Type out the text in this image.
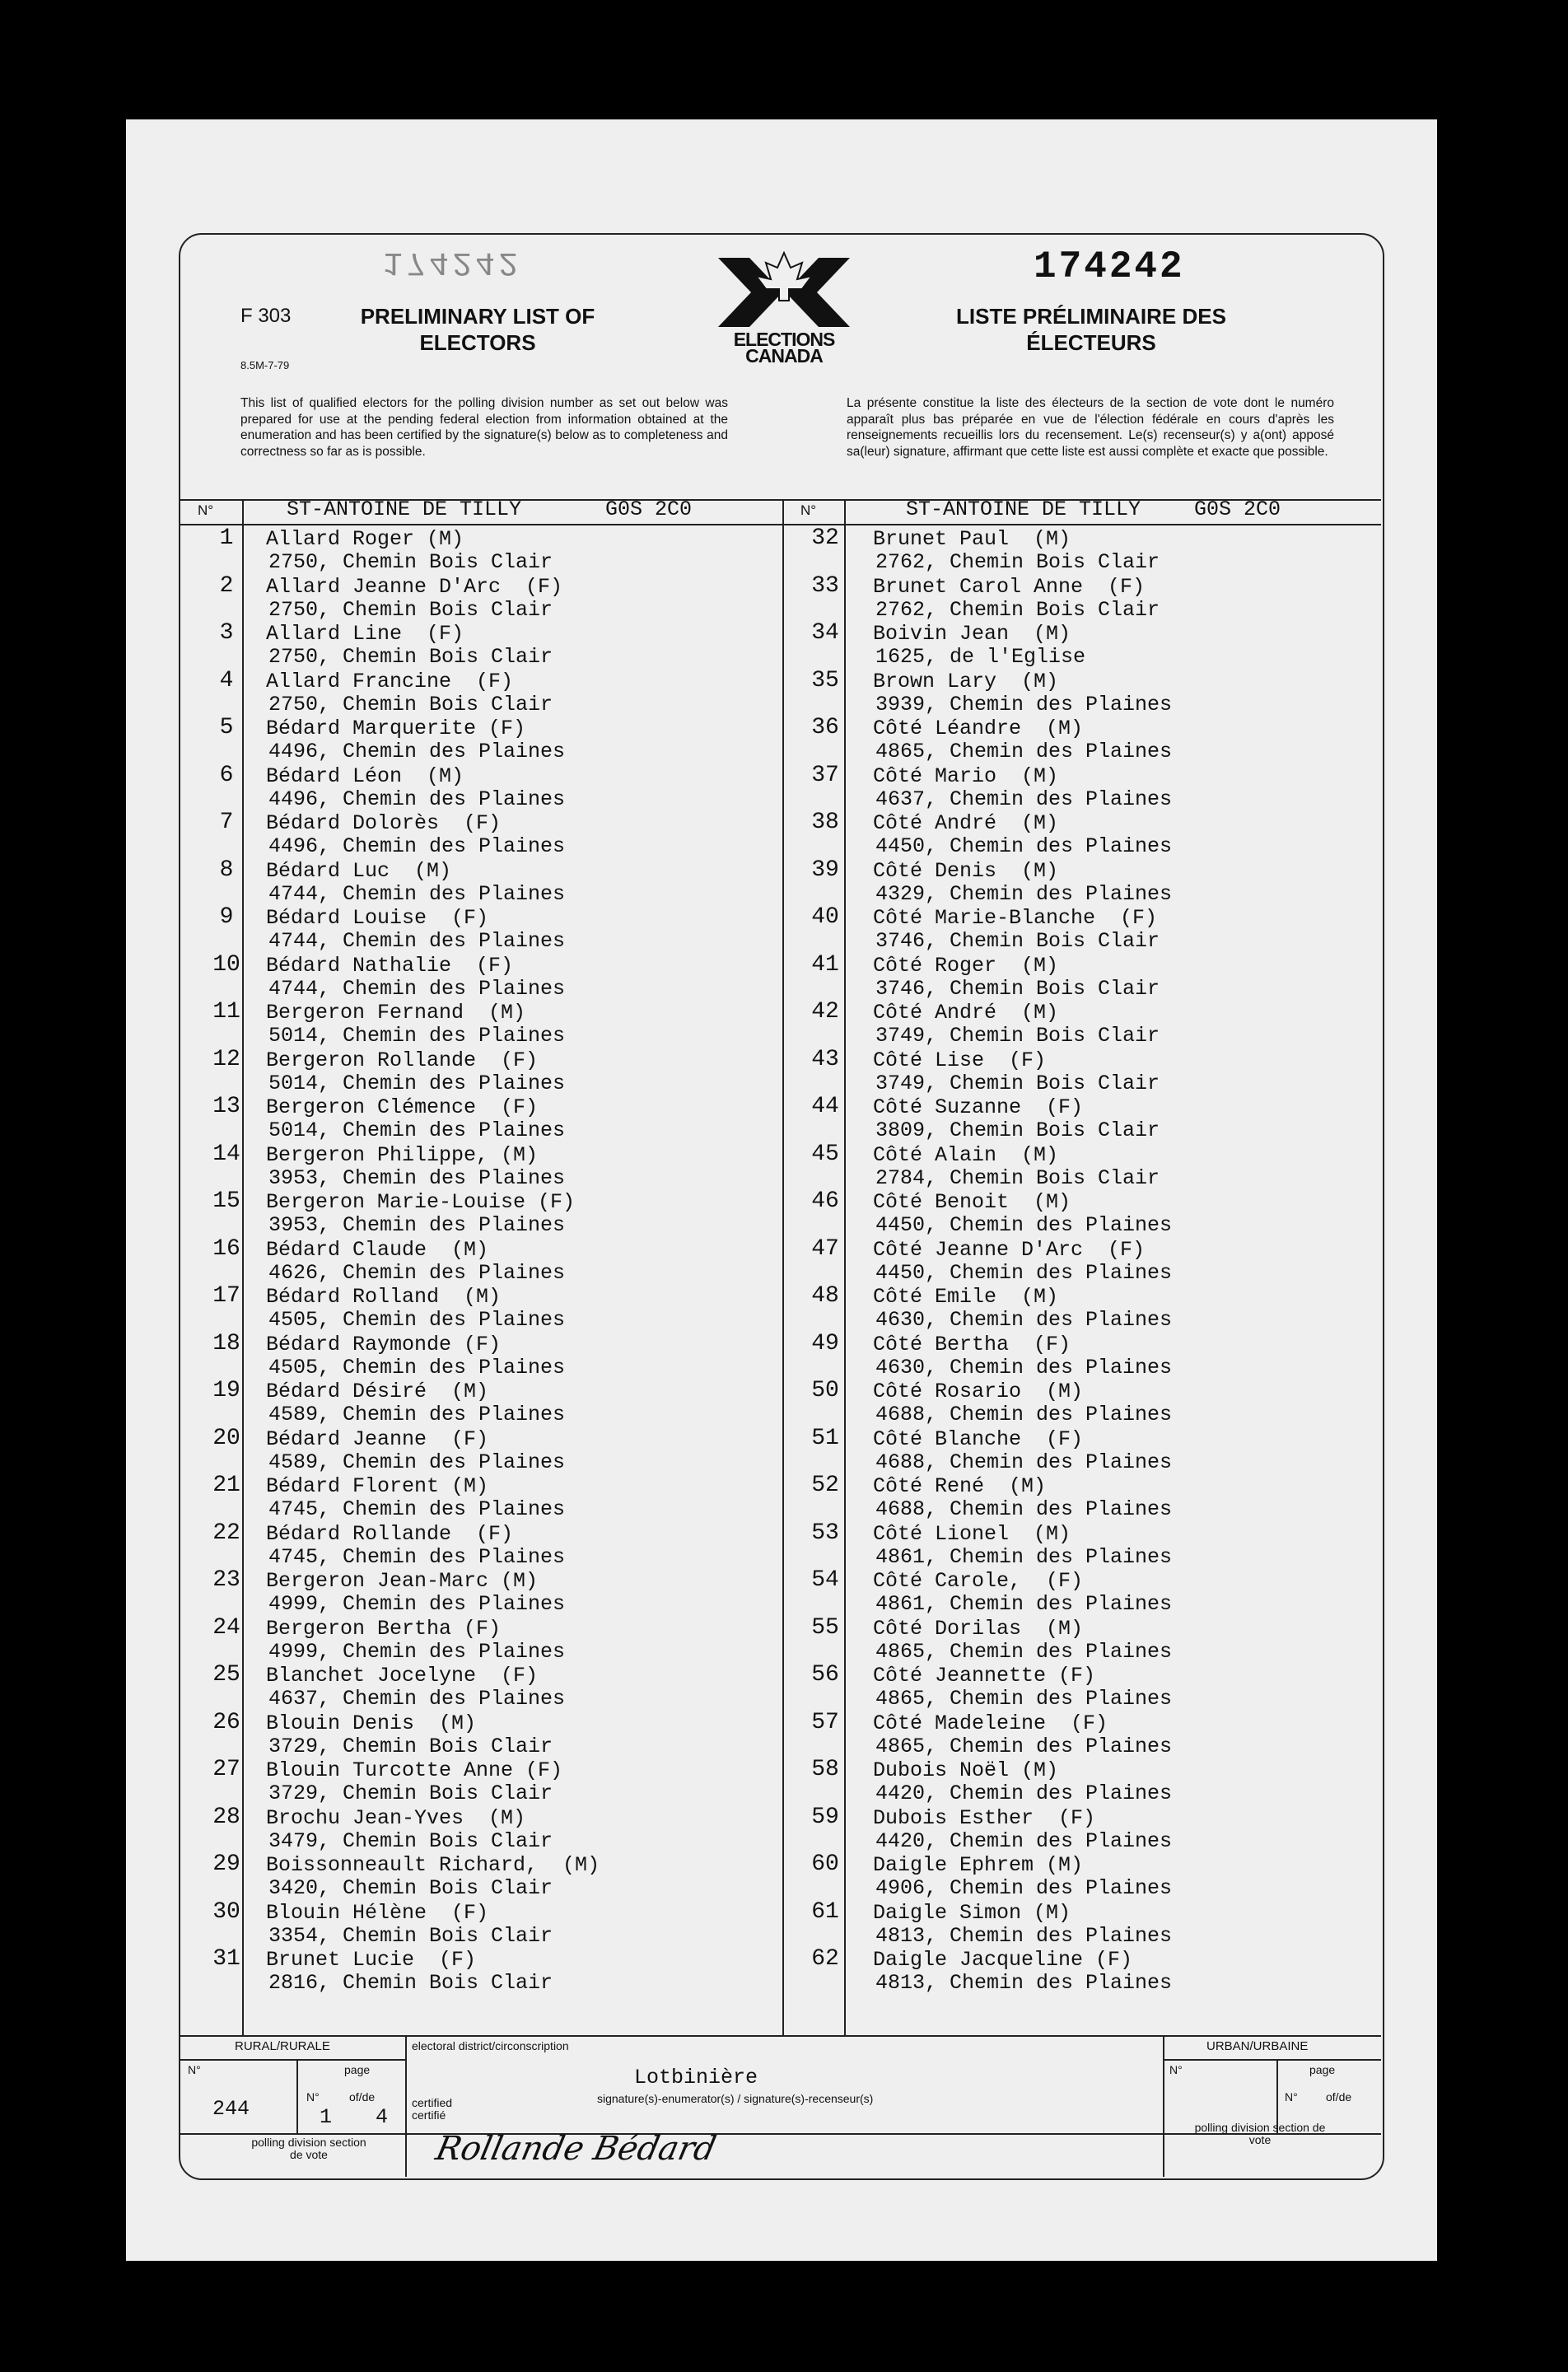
174242	174242
F 303
8.5M-7-79
PRELIMINARY LIST OF ELECTORS
LISTE PRÉLIMINAIRE DES ÉLECTEURS
ELECTIONS
CANADA
This list of qualified electors for the polling division number as set out below was prepared for use at the pending federal election from information obtained at the enumeration and has been certified by the signature(s) below as to completeness and correctness so far as is possible.
La présente constitue la liste des électeurs de la section de vote dont le numéro apparaît plus bas préparée en vue de l'élection fédérale en cours d'après les renseignements recueillis lors du recensement. Le(s) recenseur(s) y a(ont) apposé sa(leur) signature, affirmant que cette liste est aussi complète et exacte que possible.
N°	ST-ANTOINE DE TILLY	G0S 2C0	N°	ST-ANTOINE DE TILLY	G0S 2C0
1	Allard Roger (M)
2750, Chemin Bois Clair
2	Allard Jeanne D'Arc  (F)
2750, Chemin Bois Clair
3	Allard Line  (F)
2750, Chemin Bois Clair
4	Allard Francine  (F)
2750, Chemin Bois Clair
5	Bédard Marquerite (F)
4496, Chemin des Plaines
6	Bédard Léon  (M)
4496, Chemin des Plaines
7	Bédard Dolorès  (F)
4496, Chemin des Plaines
8	Bédard Luc  (M)
4744, Chemin des Plaines
9	Bédard Louise  (F)
4744, Chemin des Plaines
10	Bédard Nathalie  (F)
4744, Chemin des Plaines
11	Bergeron Fernand  (M)
5014, Chemin des Plaines
12	Bergeron Rollande  (F)
5014, Chemin des Plaines
13	Bergeron Clémence  (F)
5014, Chemin des Plaines
14	Bergeron Philippe, (M)
3953, Chemin des Plaines
15	Bergeron Marie-Louise (F)
3953, Chemin des Plaines
16	Bédard Claude  (M)
4626, Chemin des Plaines
17	Bédard Rolland  (M)
4505, Chemin des Plaines
18	Bédard Raymonde (F)
4505, Chemin des Plaines
19	Bédard Désiré  (M)
4589, Chemin des Plaines
20	Bédard Jeanne  (F)
4589, Chemin des Plaines
21	Bédard Florent (M)
4745, Chemin des Plaines
22	Bédard Rollande  (F)
4745, Chemin des Plaines
23	Bergeron Jean-Marc (M)
4999, Chemin des Plaines
24	Bergeron Bertha (F)
4999, Chemin des Plaines
25	Blanchet Jocelyne  (F)
4637, Chemin des Plaines
26	Blouin Denis  (M)
3729, Chemin Bois Clair
27	Blouin Turcotte Anne (F)
3729, Chemin Bois Clair
28	Brochu Jean-Yves  (M)
3479, Chemin Bois Clair
29	Boissonneault Richard,  (M)
3420, Chemin Bois Clair
30	Blouin Hélène  (F)
3354, Chemin Bois Clair
31	Brunet Lucie  (F)
2816, Chemin Bois Clair
32	Brunet Paul  (M)
2762, Chemin Bois Clair
33	Brunet Carol Anne  (F)
2762, Chemin Bois Clair
34	Boivin Jean  (M)
1625, de l'Eglise
35	Brown Lary  (M)
3939, Chemin des Plaines
36	Côté Léandre  (M)
4865, Chemin des Plaines
37	Côté Mario  (M)
4637, Chemin des Plaines
38	Côté André  (M)
4450, Chemin des Plaines
39	Côté Denis  (M)
4329, Chemin des Plaines
40	Côté Marie-Blanche  (F)
3746, Chemin Bois Clair
41	Côté Roger  (M)
3746, Chemin Bois Clair
42	Côté André  (M)
3749, Chemin Bois Clair
43	Côté Lise  (F)
3749, Chemin Bois Clair
44	Côté Suzanne  (F)
3809, Chemin Bois Clair
45	Côté Alain  (M)
2784, Chemin Bois Clair
46	Côté Benoit  (M)
4450, Chemin des Plaines
47	Côté Jeanne D'Arc  (F)
4450, Chemin des Plaines
48	Côté Emile  (M)
4630, Chemin des Plaines
49	Côté Bertha  (F)
4630, Chemin des Plaines
50	Côté Rosario  (M)
4688, Chemin des Plaines
51	Côté Blanche  (F)
4688, Chemin des Plaines
52	Côté René  (M)
4688, Chemin des Plaines
53	Côté Lionel  (M)
4861, Chemin des Plaines
54	Côté Carole,  (F)
4861, Chemin des Plaines
55	Côté Dorilas  (M)
4865, Chemin des Plaines
56	Côté Jeannette (F)
4865, Chemin des Plaines
57	Côté Madeleine  (F)
4865, Chemin des Plaines
58	Dubois Noël (M)
4420, Chemin des Plaines
59	Dubois Esther  (F)
4420, Chemin des Plaines
60	Daigle Ephrem (M)
4906, Chemin des Plaines
61	Daigle Simon (M)
4813, Chemin des Plaines
62	Daigle Jacqueline (F)
4813, Chemin des Plaines
RURAL/RURALE
N°	page
244	N°
1
of/de
4
polling division section de vote
electoral district/circonscription
Lotbinière
signature(s)-enumerator(s) / signature(s)-recenseur(s)
certified certifié
Rollande Bédard
URBAN/URBAINE
N°	page
N° of/de
polling division section de vote
